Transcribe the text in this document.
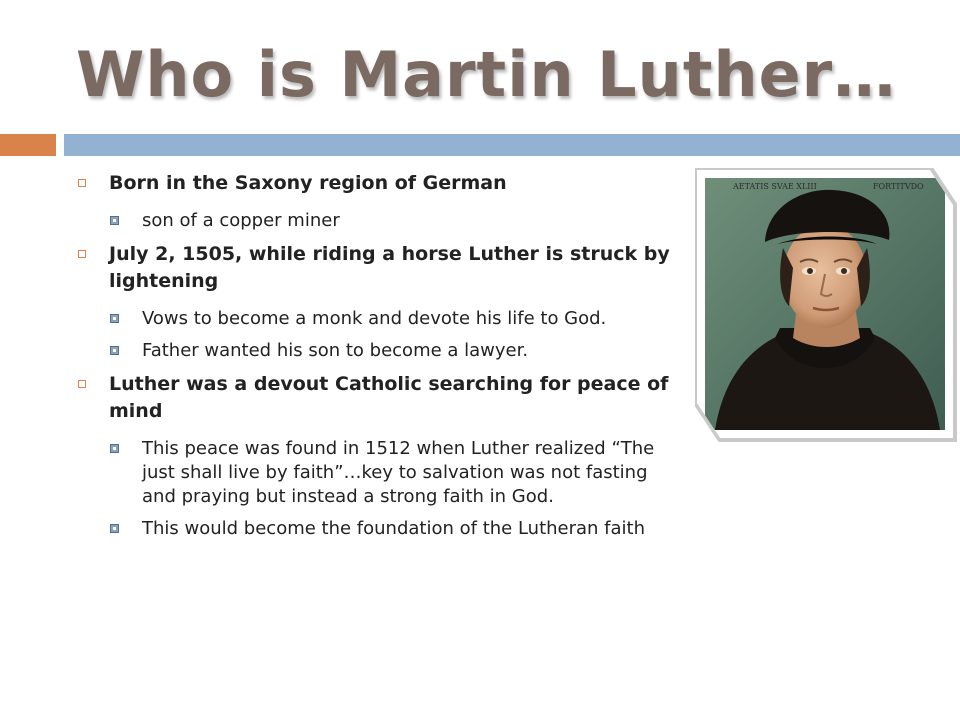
Who is Martin Luther…
Born in the Saxony region of German
son of a copper miner
July 2, 1505, while riding a horse Luther is struck by lightening
Vows to become a monk and devote his life to God.
Father wanted his son to become a lawyer.
Luther was a devout Catholic searching for peace of mind
This peace was found in 1512 when Luther realized “The just shall live by faith”…key to salvation was not fasting and praying but instead a strong faith in God.
This would become the foundation of the Lutheran faith
AETATIS SVAE XLIII	FORTITVDO
